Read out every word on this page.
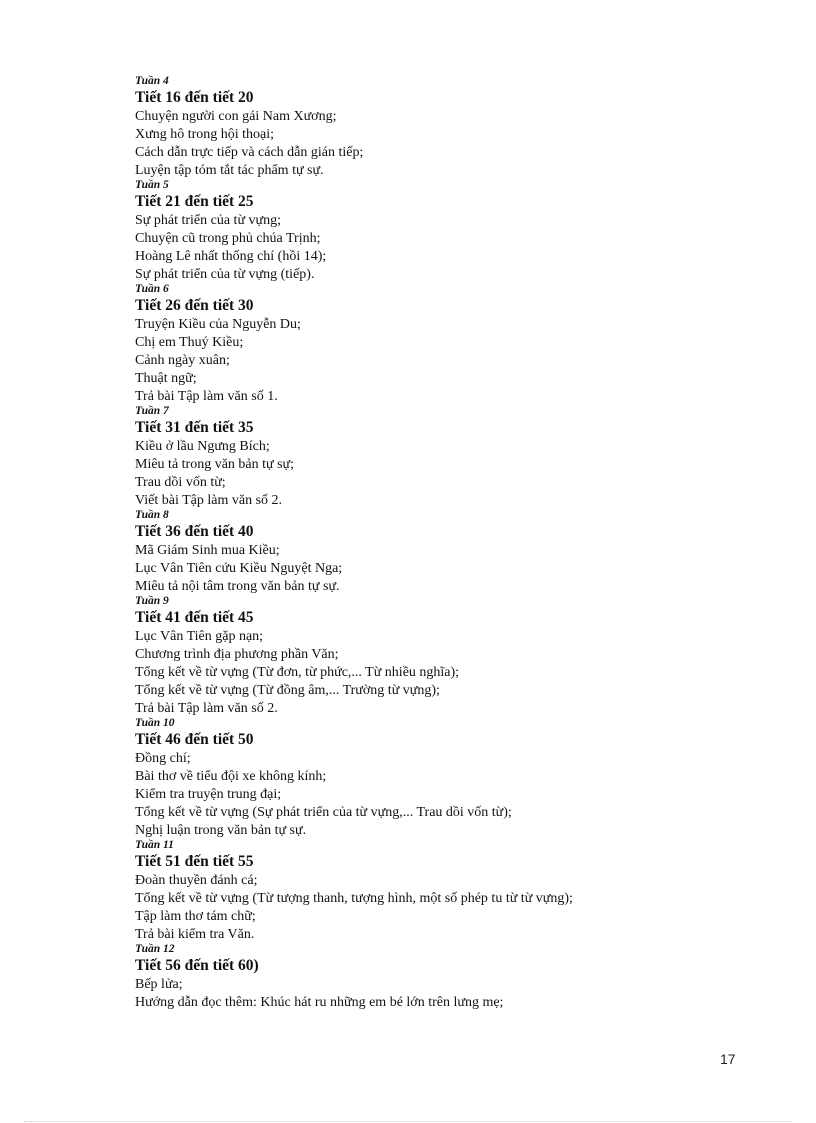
Tuần 4
Tiết 16 đến tiết 20
Chuyện người con gái Nam Xương;
Xưng hô trong hội thoại;
Cách dẫn trực tiếp và cách dẫn gián tiếp;
Luyện tập tóm tắt tác phẩm tự sự.
Tuần 5
Tiết 21 đến tiết 25
Sự phát triển của từ vựng;
Chuyện cũ trong phủ chúa Trịnh;
Hoàng Lê nhất thống chí (hồi 14);
Sự phát triển của từ vựng (tiếp).
Tuần 6
Tiết 26 đến tiết 30
Truyện Kiều của Nguyễn Du;
Chị em Thuý Kiều;
Cảnh ngày xuân;
Thuật ngữ;
Trả bài Tập làm văn số 1.
Tuần 7
Tiết 31 đến tiết 35
Kiều ở lầu Ngưng Bích;
Miêu tả trong văn bản tự sự;
Trau dồi vốn từ;
Viết bài Tập làm văn số 2.
Tuần 8
Tiết 36 đến tiết 40
Mã Giám Sinh mua Kiều;
Lục Vân Tiên cứu Kiều Nguyệt Nga;
Miêu tả nội tâm trong văn bản tự sự.
Tuần 9
Tiết 41 đến tiết 45
Lục Vân Tiên gặp nạn;
Chương trình địa phương phần Văn;
Tổng kết về từ vựng (Từ đơn, từ phức,... Từ nhiều nghĩa);
Tổng kết về từ vựng (Từ đồng âm,... Trường từ vựng);
Trả bài Tập làm văn số 2.
Tuần 10
Tiết 46 đến tiết 50
Đồng chí;
Bài thơ về tiểu đội xe không kính;
Kiểm tra truyện trung đại;
Tổng kết về từ vựng (Sự phát triển của từ vựng,... Trau dồi vốn từ);
Nghị luận trong văn bản tự sự.
Tuần 11
Tiết 51 đến tiết 55
Đoàn thuyền đánh cá;
Tổng kết về từ vựng (Từ tượng thanh, tượng hình, một số phép tu từ từ vựng);
Tập làm thơ tám chữ;
Trả bài kiểm tra Văn.
Tuần 12
Tiết 56 đến tiết 60)
Bếp lửa;
Hướng dẫn đọc thêm: Khúc hát ru những em bé lớn trên lưng mẹ;
17
